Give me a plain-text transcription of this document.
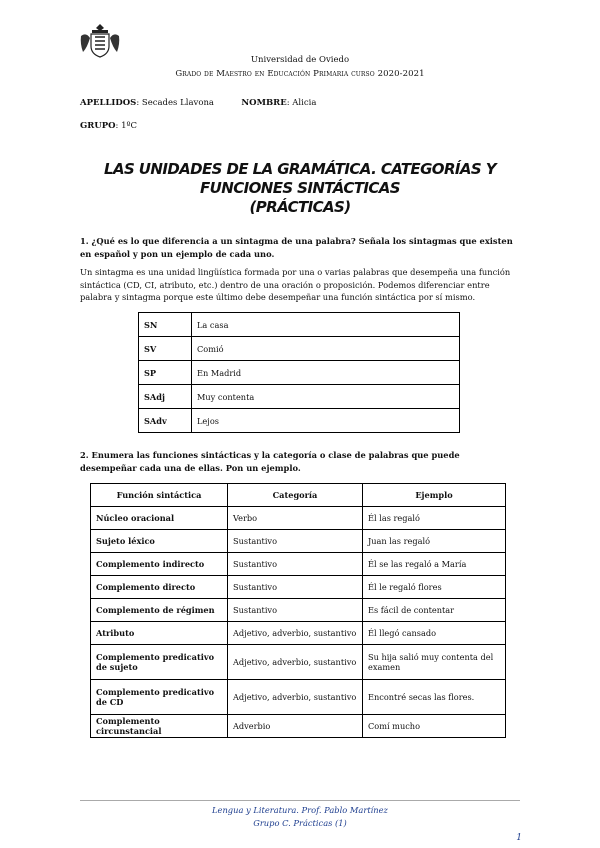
Universidad de Oviedo
Grado de Maestro en Educación Primaria curso 2020-2021
APELLIDOS: Secades Llavona	NOMBRE: Alicia
GRUPO: 1ºC
LAS UNIDADES DE LA GRAMÁTICA. CATEGORÍAS Y
FUNCIONES SINTÁCTICAS
(PRÁCTICAS)
1. ¿Qué es lo que diferencia a un sintagma de una palabra? Señala los sintagmas que existen en español y pon un ejemplo de cada uno.
Un sintagma es una unidad lingüística formada por una o varias palabras que desempeña una función sintáctica (CD, CI, atributo, etc.) dentro de una oración o proposición. Podemos diferenciar entre palabra y sintagma porque este último debe desempeñar una función sintáctica por sí mismo.
SN	La casa
SV	Comió
SP	En Madrid
SAdj	Muy contenta
SAdv	Lejos
2. Enumera las funciones sintácticas y la categoría o clase de palabras que puede desempeñar cada una de ellas. Pon un ejemplo.
Función sintáctica	Categoría	Ejemplo
Núcleo oracional	Verbo	Él las regaló
Sujeto léxico	Sustantivo	Juan las regaló
Complemento indirecto	Sustantivo	Él se las regaló a María
Complemento directo	Sustantivo	Él le regaló flores
Complemento de régimen	Sustantivo	Es fácil de contentar
Atributo	Adjetivo, adverbio, sustantivo	Él llegó cansado
Complemento predicativo de sujeto	Adjetivo, adverbio, sustantivo	Su hija salió muy contenta del examen
Complemento predicativo de CD	Adjetivo, adverbio, sustantivo	Encontré secas las flores.
Complemento circunstancial	Adverbio	Comí mucho
Lengua y Literatura. Prof. Pablo Martínez
Grupo C. Prácticas (1)
1
